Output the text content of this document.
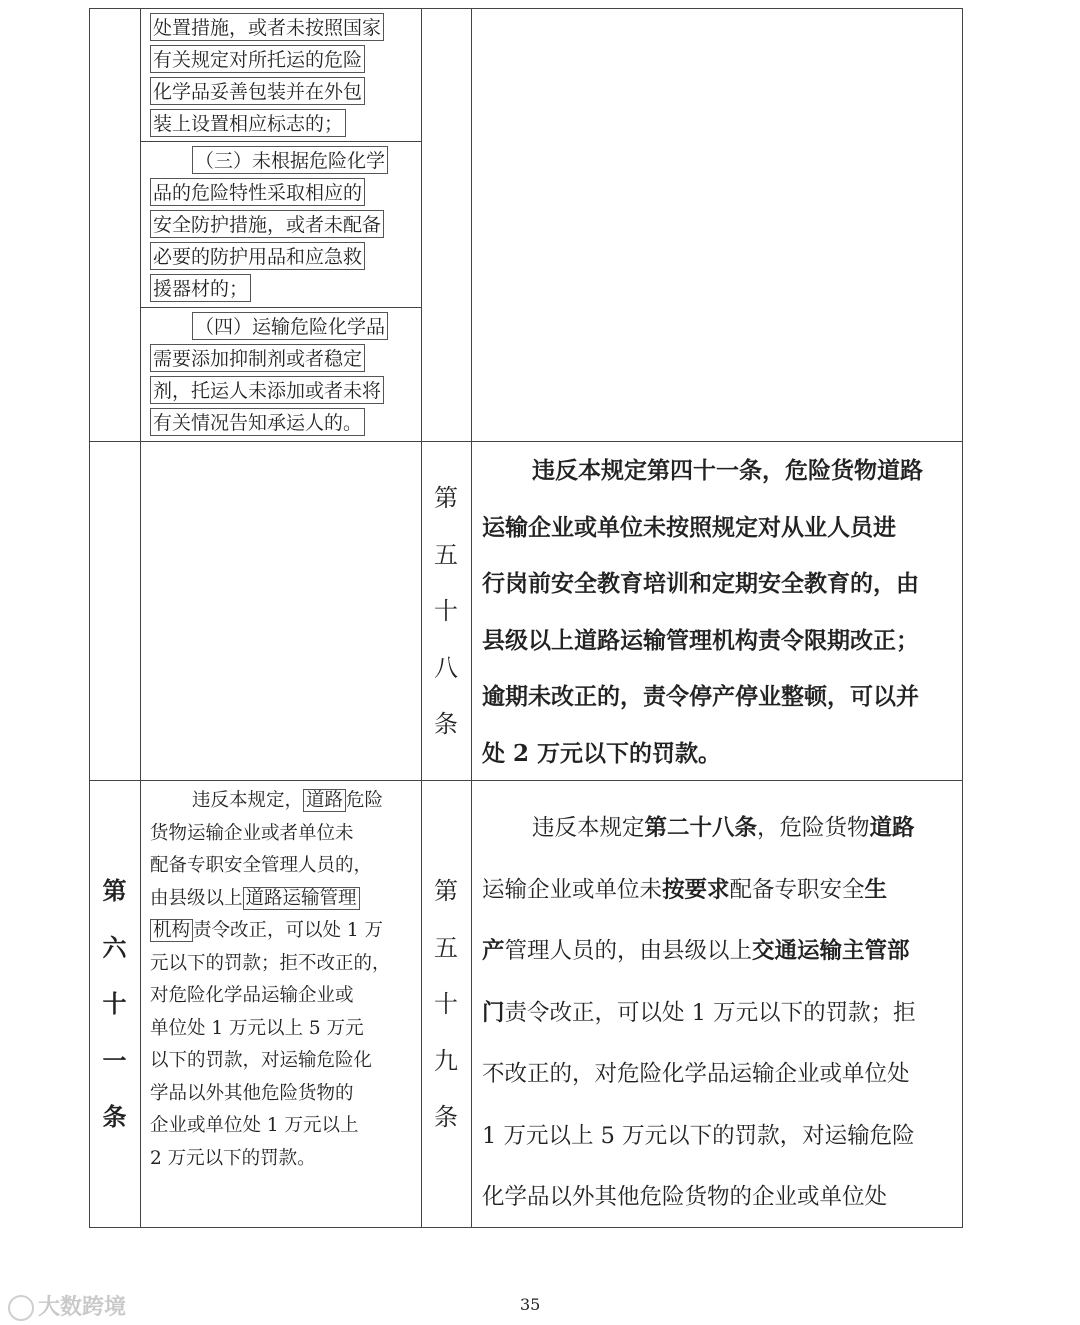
处置措施，或者未按照国家
有关规定对所托运的危险
化学品妥善包装并在外包
装上设置相应标志的；
（三）未根据危险化学
品的危险特性采取相应的
安全防护措施，或者未配备
必要的防护用品和应急救
援器材的；
（四）运输危险化学品
需要添加抑制剂或者稳定
剂，托运人未添加或者未将
有关情况告知承运人的。
第
五
十
八
条
违反本规定第四十一条，危险货物道路
运输企业或单位未按照规定对从业人员进
行岗前安全教育培训和定期安全教育的，由
县级以上道路运输管理机构责令限期改正；
逾期未改正的，责令停产停业整顿，可以并
处 2 万元以下的罚款。
第
六
十
一
条
违反本规定， 道路 危险
货物运输企业或者单位未
配备专职安全管理人员的，
由县级以上 道路运输管理
机构 责令改正，可以处 1 万
元以下的罚款；拒不改正的，
对危险化学品运输企业或
单位处 1 万元以上 5 万元
以下的罚款，对运输危险化
学品以外其他危险货物的
企业或单位处 1 万元以上
2 万元以下的罚款。
第
五
十
九
条
违反本规定第二十八条，危险货物道路
运输企业或单位未按要求配备专职安全生
产管理人员的，由县级以上交通运输主管部
门责令改正，可以处 1 万元以下的罚款；拒
不改正的，对危险化学品运输企业或单位处
1 万元以上 5 万元以下的罚款，对运输危险
化学品以外其他危险货物的企业或单位处
35
大数跨境
